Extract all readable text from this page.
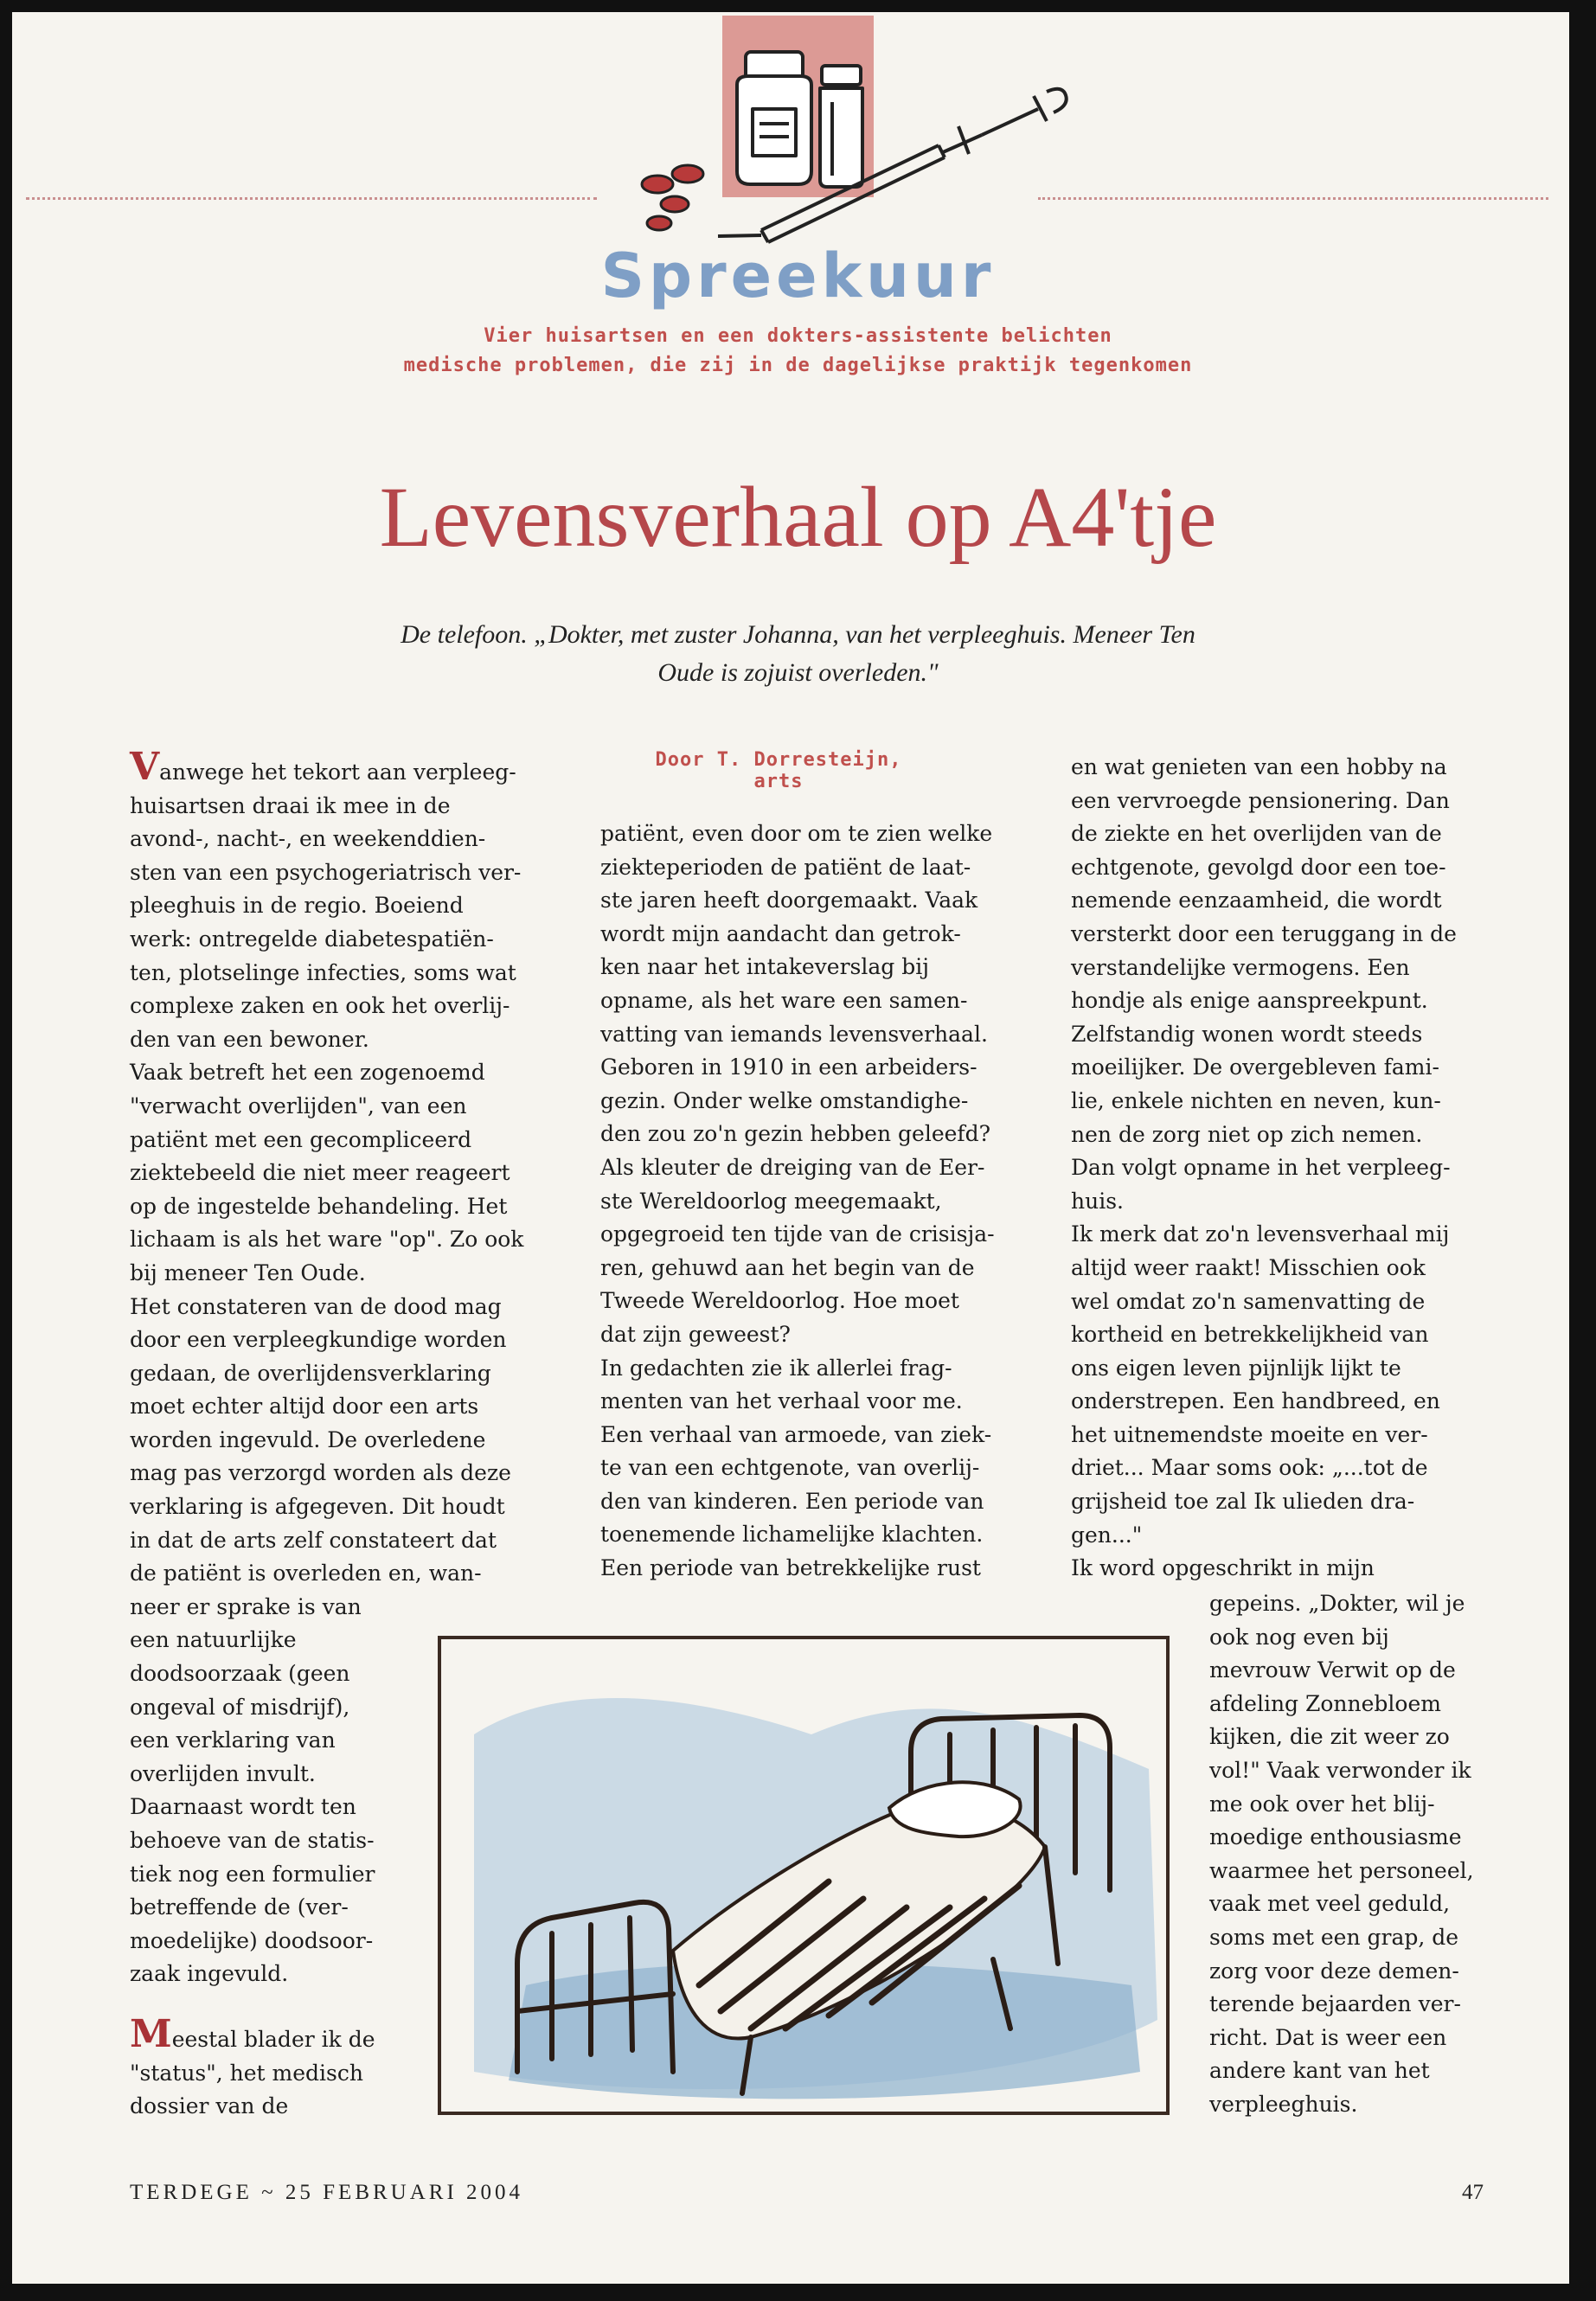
Spreekuur
Vier huisartsen en een dokters-assistente belichten
medische problemen, die zij in de dagelijkse praktijk tegenkomen
Levensverhaal op A4'tje
De telefoon. „Dokter, met zuster Johanna, van het verpleeghuis. Meneer Ten
Oude is zojuist overleden."
Door T. Dorresteijn, arts
Vanwege het tekort aan verpleeg-
huisartsen draai ik mee in de
avond-, nacht-, en weekenddien-
sten van een psychogeriatrisch ver-
pleeghuis in de regio. Boeiend
werk: ontregelde diabetespatiën-
ten, plotselinge infecties, soms wat
complexe zaken en ook het overlij-
den van een bewoner.
Vaak betreft het een zogenoemd
"verwacht overlijden", van een
patiënt met een gecompliceerd
ziektebeeld die niet meer reageert
op de ingestelde behandeling. Het
lichaam is als het ware "op". Zo ook
bij meneer Ten Oude.
Het constateren van de dood mag
door een verpleegkundige worden
gedaan, de overlijdensverklaring
moet echter altijd door een arts
worden ingevuld. De overledene
mag pas verzorgd worden als deze
verklaring is afgegeven. Dit houdt
in dat de arts zelf constateert dat
de patiënt is overleden en, wan-
neer er sprake is van
een natuurlijke
doodsoorzaak (geen
ongeval of misdrijf),
een verklaring van
overlijden invult.
Daarnaast wordt ten
behoeve van de statis-
tiek nog een formulier
betreffende de (ver-
moedelijke) doodsoor-
zaak ingevuld.
Meestal blader ik de
"status", het medisch
dossier van de
patiënt, even door om te zien welke
ziekteperioden de patiënt de laat-
ste jaren heeft doorgemaakt. Vaak
wordt mijn aandacht dan getrok-
ken naar het intakeverslag bij
opname, als het ware een samen-
vatting van iemands levensverhaal.
Geboren in 1910 in een arbeiders-
gezin. Onder welke omstandighe-
den zou zo'n gezin hebben geleefd?
Als kleuter de dreiging van de Eer-
ste Wereldoorlog meegemaakt,
opgegroeid ten tijde van de crisisja-
ren, gehuwd aan het begin van de
Tweede Wereldoorlog. Hoe moet
dat zijn geweest?
In gedachten zie ik allerlei frag-
menten van het verhaal voor me.
Een verhaal van armoede, van ziek-
te van een echtgenote, van overlij-
den van kinderen. Een periode van
toenemende lichamelijke klachten.
Een periode van betrekkelijke rust
en wat genieten van een hobby na
een vervroegde pensionering. Dan
de ziekte en het overlijden van de
echtgenote, gevolgd door een toe-
nemende eenzaamheid, die wordt
versterkt door een teruggang in de
verstandelijke vermogens. Een
hondje als enige aanspreekpunt.
Zelfstandig wonen wordt steeds
moeilijker. De overgebleven fami-
lie, enkele nichten en neven, kun-
nen de zorg niet op zich nemen.
Dan volgt opname in het verpleeg-
huis.
Ik merk dat zo'n levensverhaal mij
altijd weer raakt! Misschien ook
wel omdat zo'n samenvatting de
kortheid en betrekkelijkheid van
ons eigen leven pijnlijk lijkt te
onderstrepen. Een handbreed, en
het uitnemendste moeite en ver-
driet... Maar soms ook: „...tot de
grijsheid toe zal Ik ulieden dra-
gen..."
Ik word opgeschrikt in mijn
gepeins. „Dokter, wil je
ook nog even bij
mevrouw Verwit op de
afdeling Zonnebloem
kijken, die zit weer zo
vol!" Vaak verwonder ik
me ook over het blij-
moedige enthousiasme
waarmee het personeel,
vaak met veel geduld,
soms met een grap, de
zorg voor deze demen-
terende bejaarden ver-
richt. Dat is weer een
andere kant van het
verpleeghuis.
TERDEGE ~ 25 FEBRUARI 2004	47
